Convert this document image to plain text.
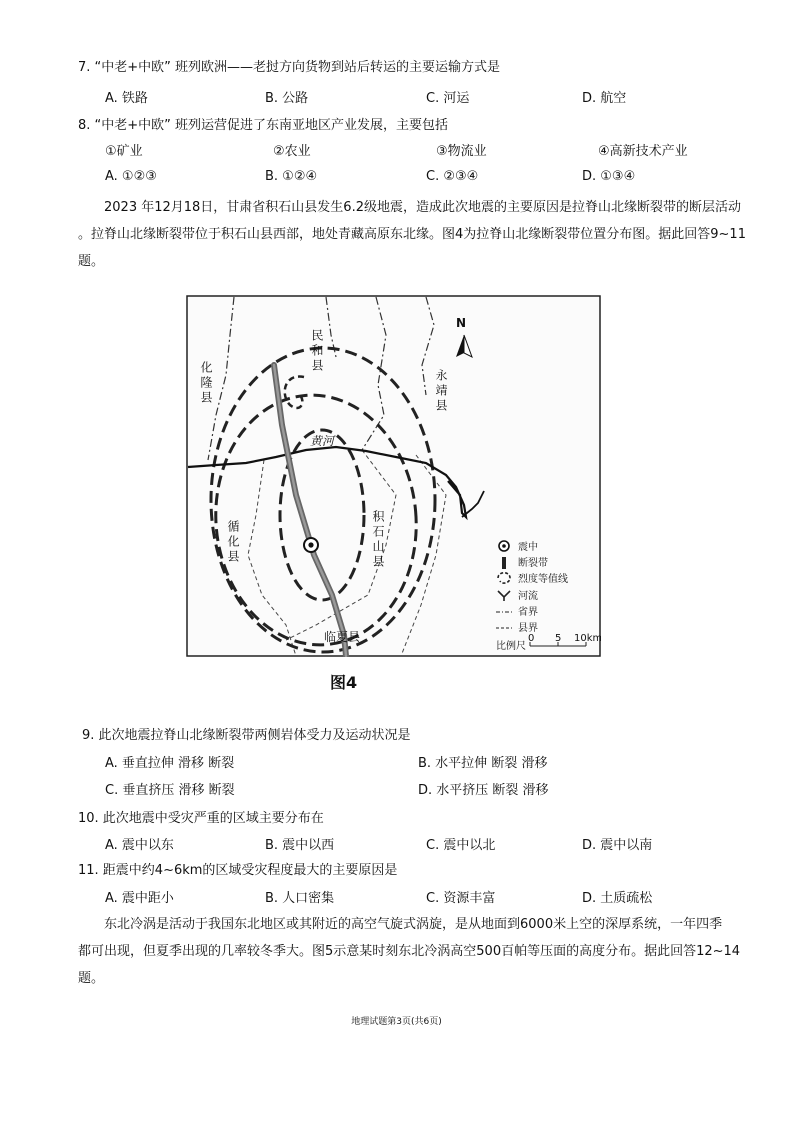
7. “中老+中欧” 班列欧洲——老挝方向货物到站后转运的主要运输方式是
A. 铁路	B. 公路	C. 河运	D. 航空
8. “中老+中欧” 班列运营促进了东南亚地区产业发展，主要包括
①矿业	②农业	③物流业	④高新技术产业
A. ①②③	B. ①②④	C. ②③④	D. ①③④
2023 年12月18日，甘肃省积石山县发生6.2级地震，造成此次地震的主要原因是拉脊山北缘断裂带的断层活动
。拉脊山北缘断裂带位于积石山县西部，地处青藏高原东北缘。图4为拉脊山北缘断裂带位置分布图。据此回答9~11
题。
N
化隆县
民和县
永靖县
黄河
循化县	积石山县
临夏县
震中
断裂带
烈度等值线
河流
省界
县界
比例尺
0 5 10km
图4
9. 此次地震拉脊山北缘断裂带两侧岩体受力及运动状况是
A. 垂直拉伸 滑移 断裂	B. 水平拉伸 断裂 滑移
C. 垂直挤压 滑移 断裂	D. 水平挤压 断裂 滑移
10. 此次地震中受灾严重的区域主要分布在
A. 震中以东	B. 震中以西	C. 震中以北	D. 震中以南
11. 距震中约4~6km的区域受灾程度最大的主要原因是
A. 震中距小	B. 人口密集	C. 资源丰富	D. 土质疏松
东北冷涡是活动于我国东北地区或其附近的高空气旋式涡旋，是从地面到6000米上空的深厚系统，一年四季
都可出现，但夏季出现的几率较冬季大。图5示意某时刻东北冷涡高空500百帕等压面的高度分布。据此回答12~14
题。
地理试题第3页(共6页)
